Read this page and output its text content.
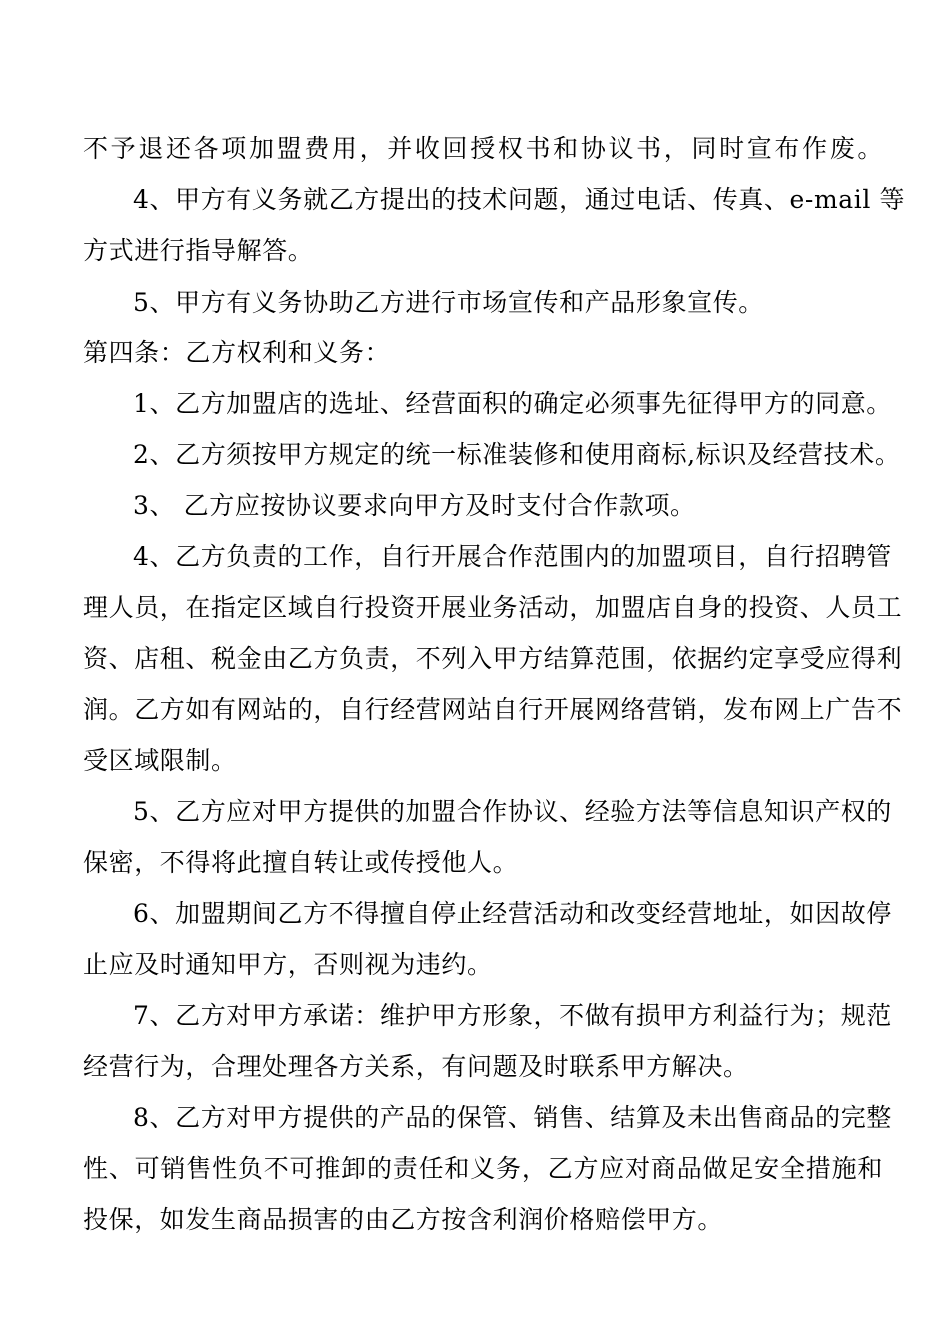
不予退还各项加盟费用，并收回授权书和协议书，同时宣布作废。
4、甲方有义务就乙方提出的技术问题，通过电话、传真、e-mail 等
方式进行指导解答。
5、甲方有义务协助乙方进行市场宣传和产品形象宣传。
第四条：乙方权利和义务：
1、乙方加盟店的选址、经营面积的确定必须事先征得甲方的同意。
2、乙方须按甲方规定的统一标准装修和使用商标,标识及经营技术。
3、 乙方应按协议要求向甲方及时支付合作款项。
4、乙方负责的工作，自行开展合作范围内的加盟项目，自行招聘管
理人员，在指定区域自行投资开展业务活动，加盟店自身的投资、人员工
资、店租、税金由乙方负责，不列入甲方结算范围，依据约定享受应得利
润。乙方如有网站的，自行经营网站自行开展网络营销，发布网上广告不
受区域限制。
5、乙方应对甲方提供的加盟合作协议、经验方法等信息知识产权的
保密，不得将此擅自转让或传授他人。
6、加盟期间乙方不得擅自停止经营活动和改变经营地址，如因故停
止应及时通知甲方，否则视为违约。
7、乙方对甲方承诺：维护甲方形象，不做有损甲方利益行为；规范
经营行为，合理处理各方关系，有问题及时联系甲方解决。
8、乙方对甲方提供的产品的保管、销售、结算及未出售商品的完整
性、可销售性负不可推卸的责任和义务，乙方应对商品做足安全措施和
投保，如发生商品损害的由乙方按含利润价格赔偿甲方。
